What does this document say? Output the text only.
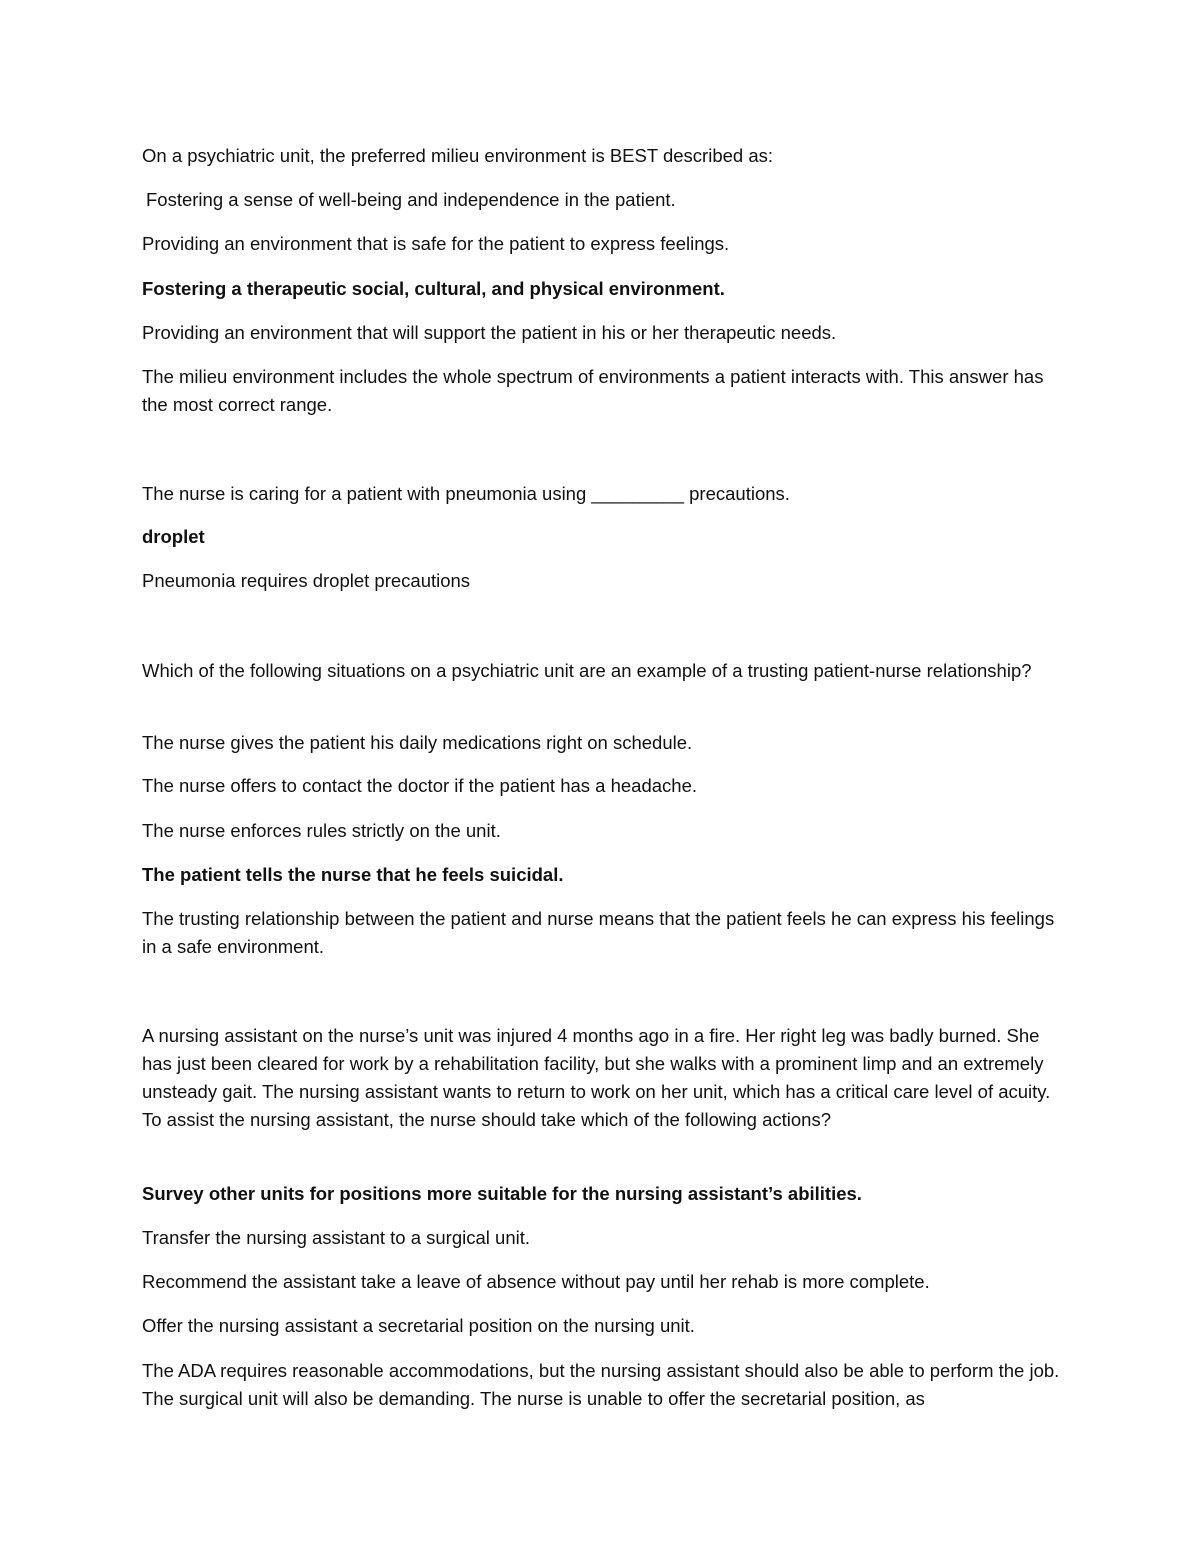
On a psychiatric unit, the preferred milieu environment is BEST described as:

Fostering a sense of well-being and independence in the patient.

Providing an environment that is safe for the patient to express feelings.

Fostering a therapeutic social, cultural, and physical environment.

Providing an environment that will support the patient in his or her therapeutic needs.

The milieu environment includes the whole spectrum of environments a patient interacts with. This answer has the most correct range.

The nurse is caring for a patient with pneumonia using _________ precautions.

droplet

Pneumonia requires droplet precautions

Which of the following situations on a psychiatric unit are an example of a trusting patient-nurse relationship?

The nurse gives the patient his daily medications right on schedule.

The nurse offers to contact the doctor if the patient has a headache.

The nurse enforces rules strictly on the unit.

The patient tells the nurse that he feels suicidal.

The trusting relationship between the patient and nurse means that the patient feels he can express his feelings in a safe environment.

A nursing assistant on the nurse’s unit was injured 4 months ago in a fire. Her right leg was badly burned. She has just been cleared for work by a rehabilitation facility, but she walks with a prominent limp and an extremely unsteady gait. The nursing assistant wants to return to work on her unit, which has a critical care level of acuity. To assist the nursing assistant, the nurse should take which of the following actions?

Survey other units for positions more suitable for the nursing assistant’s abilities.

Transfer the nursing assistant to a surgical unit.

Recommend the assistant take a leave of absence without pay until her rehab is more complete.

Offer the nursing assistant a secretarial position on the nursing unit.

The ADA requires reasonable accommodations, but the nursing assistant should also be able to perform the job. The surgical unit will also be demanding. The nurse is unable to offer the secretarial position, as
